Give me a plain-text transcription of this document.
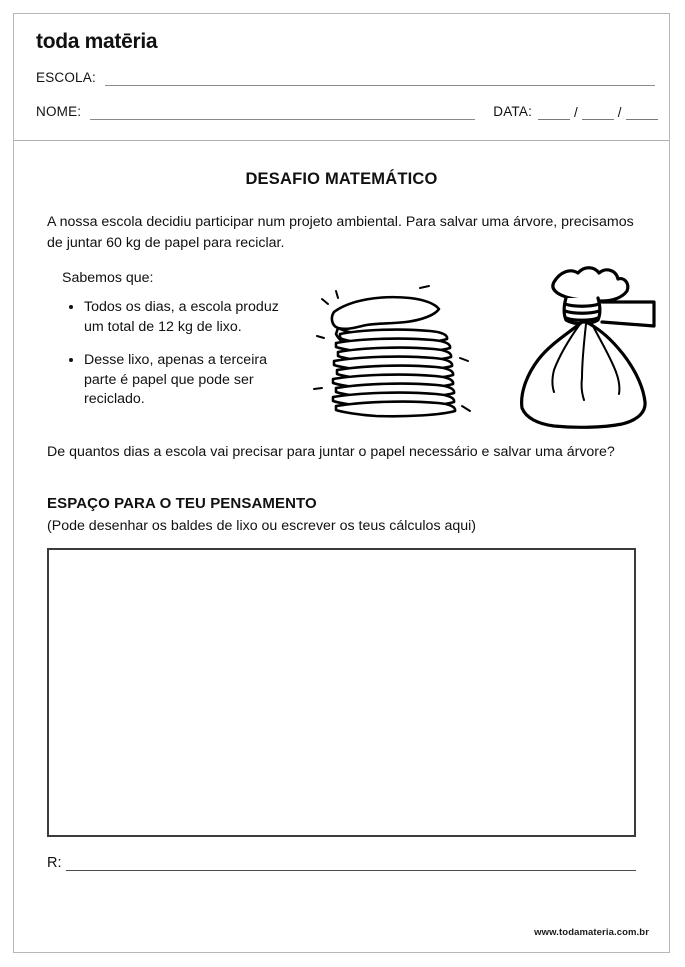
toda matēria
ESCOLA:
NOME:	DATA:	/	/
DESAFIO MATEMÁTICO

A nossa escola decidiu participar num projeto ambiental. Para salvar uma árvore, precisamos de juntar 60 kg de papel para reciclar.

Sabemos que:
• Todos os dias, a escola produz um total de 12 kg de lixo.
• Desse lixo, apenas a terceira parte é papel que pode ser reciclado.

De quantos dias a escola vai precisar para juntar o papel necessário e salvar uma árvore?

ESPAÇO PARA O TEU PENSAMENTO
(Pode desenhar os baldes de lixo ou escrever os teus cálculos aqui)
R:
www.todamateria.com.br
